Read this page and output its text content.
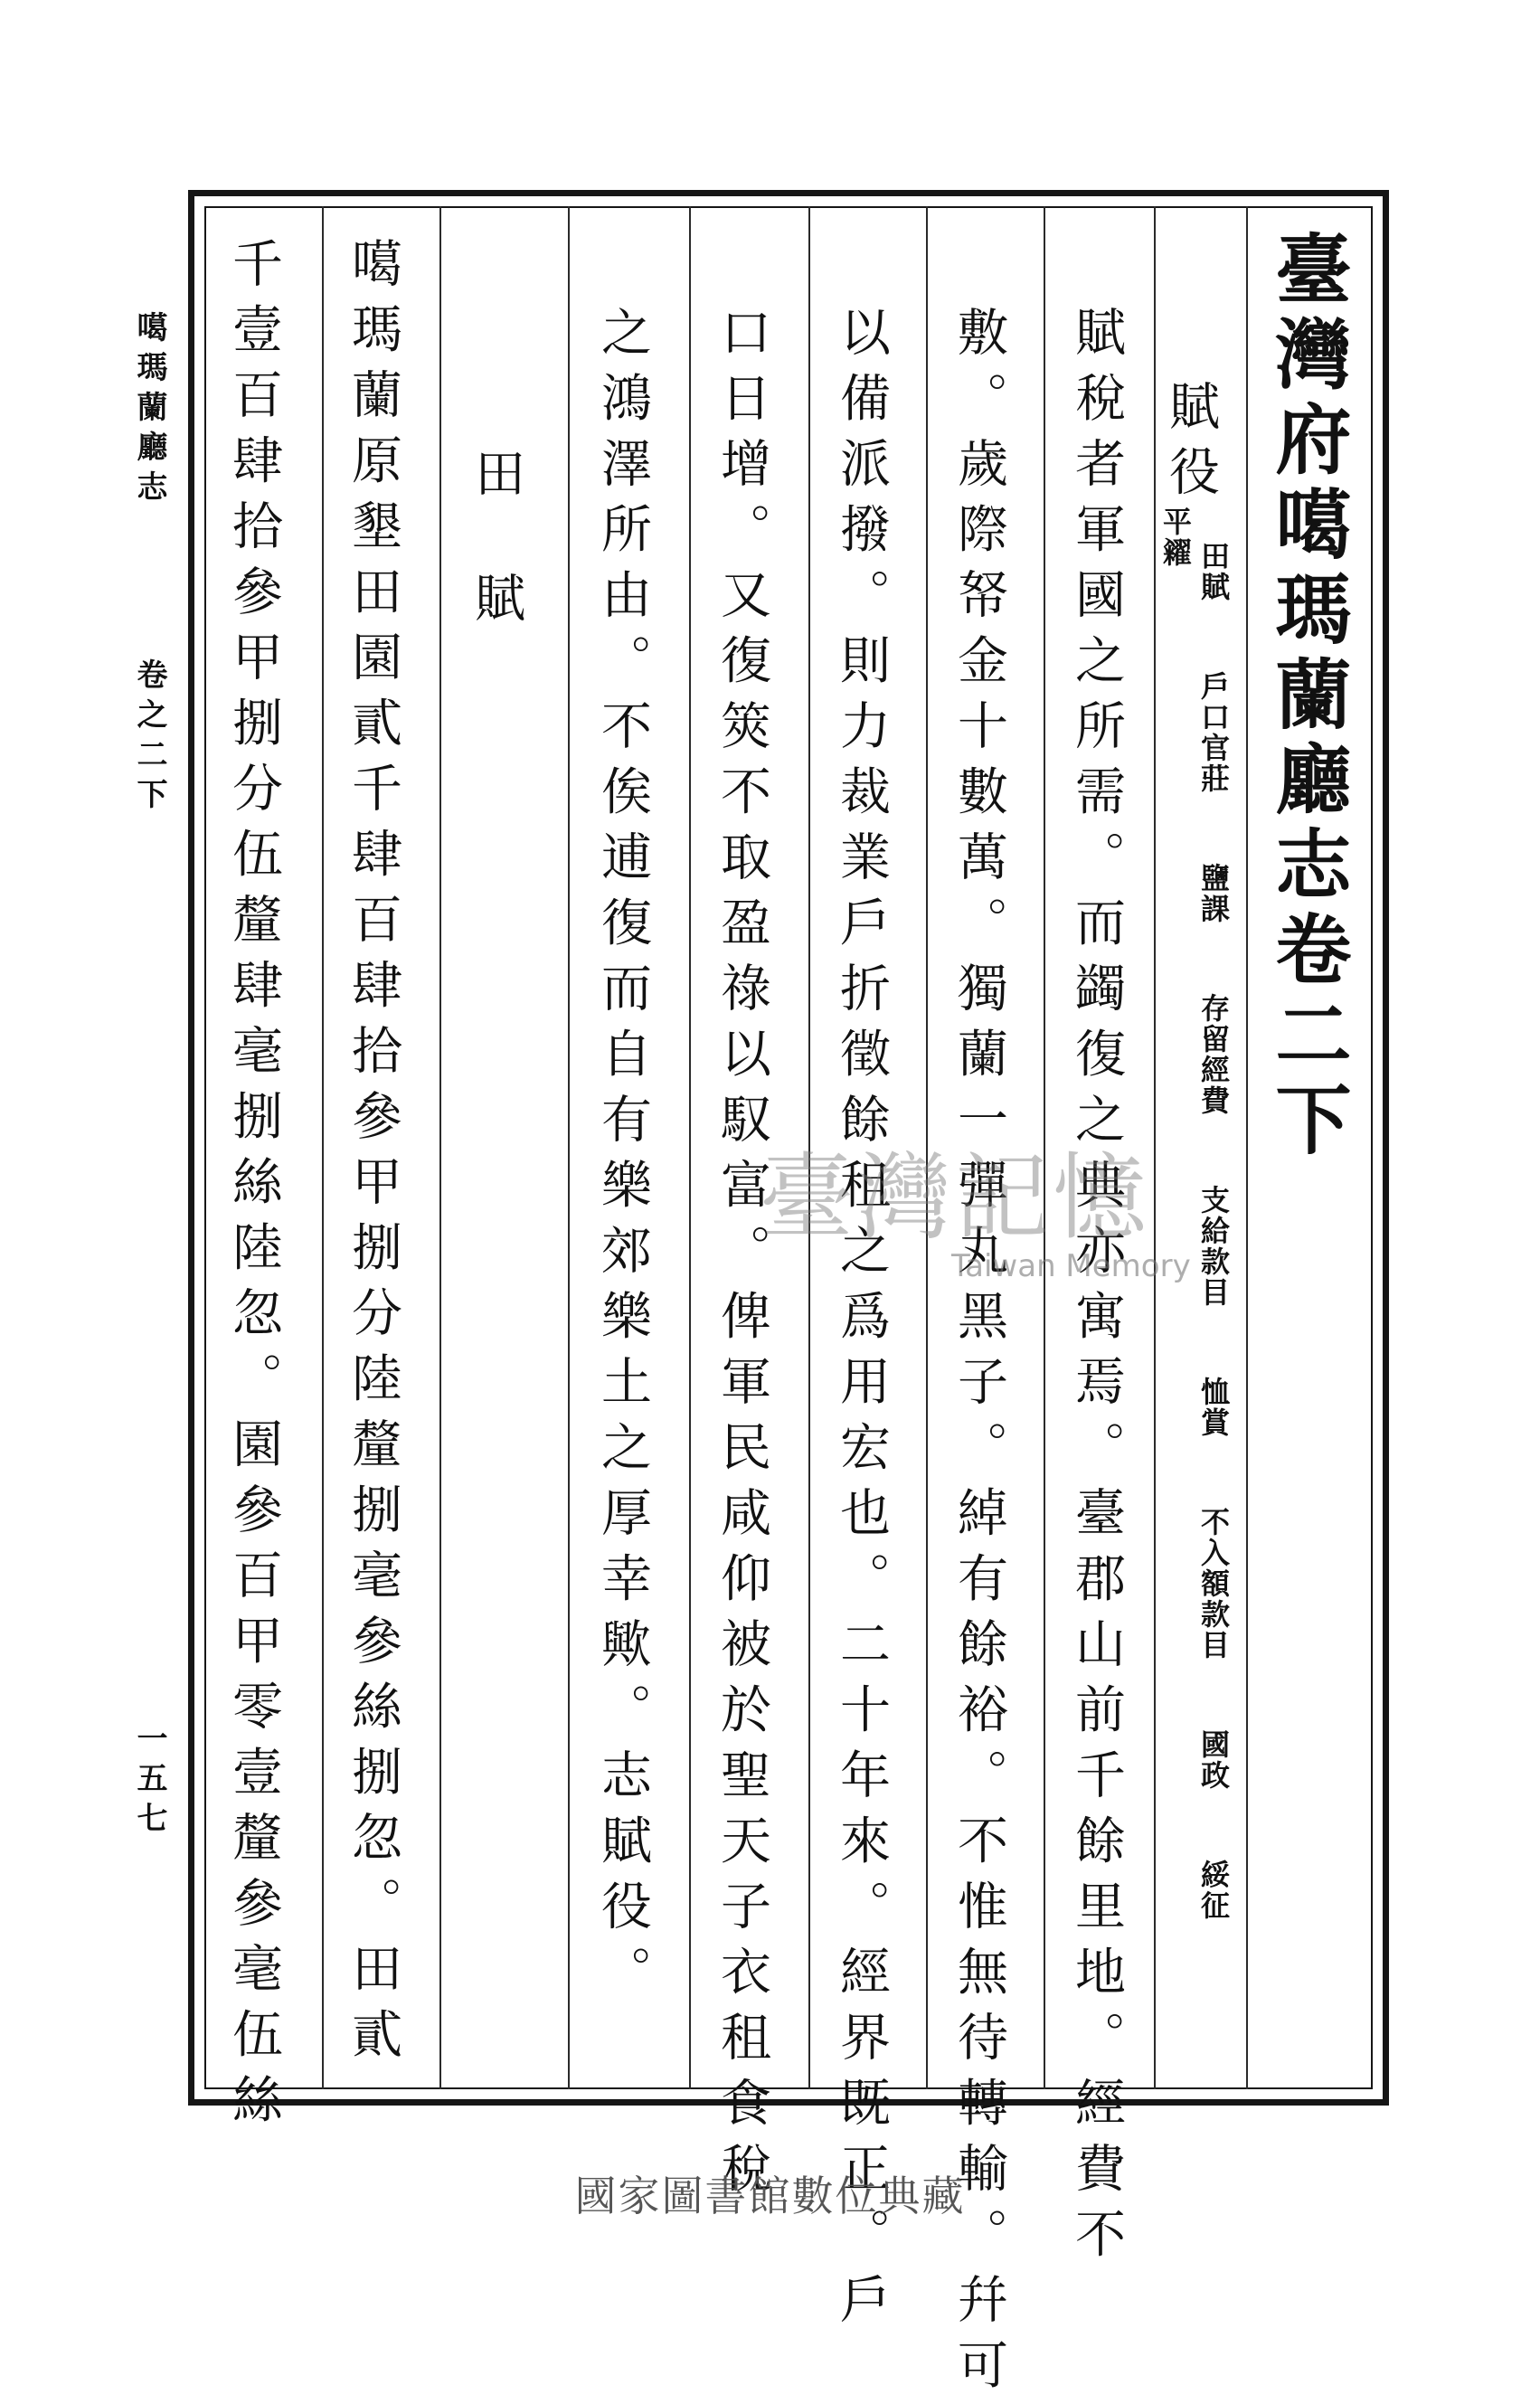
噶瑪蘭廳志
卷之二下
一五七
臺灣府噶瑪蘭廳志卷二下
賦役
田賦 戶口官莊 鹽課 存留經費 支給款目 恤賞 不入額款目 國政 綏征
平糴
賦稅者軍國之所需。而蠲復之典亦寓焉。臺郡山前千餘里地。經費不
敷。歲際帑金十數萬。獨蘭一彈丸黑子。綽有餘裕。不惟無待轉輸。幷可
以備派撥。則力裁業戶折徵餘租之爲用宏也。二十年來。經界既正。戶
口日增。又復筴不取盈祿以馭富。俾軍民咸仰被於聖天子衣租食稅
之鴻澤所由。不俟逋復而自有樂郊樂土之厚幸歟。志賦役。
田賦
噶瑪蘭原墾田園貳千肆百肆拾參甲捌分陸釐捌毫參絲捌忽。田貳
千壹百肆拾參甲捌分伍釐肆毫捌絲陸忽。園參百甲零壹釐參毫伍絲	臺灣記憶
Taiwan Memory
國家圖書館數位典藏
